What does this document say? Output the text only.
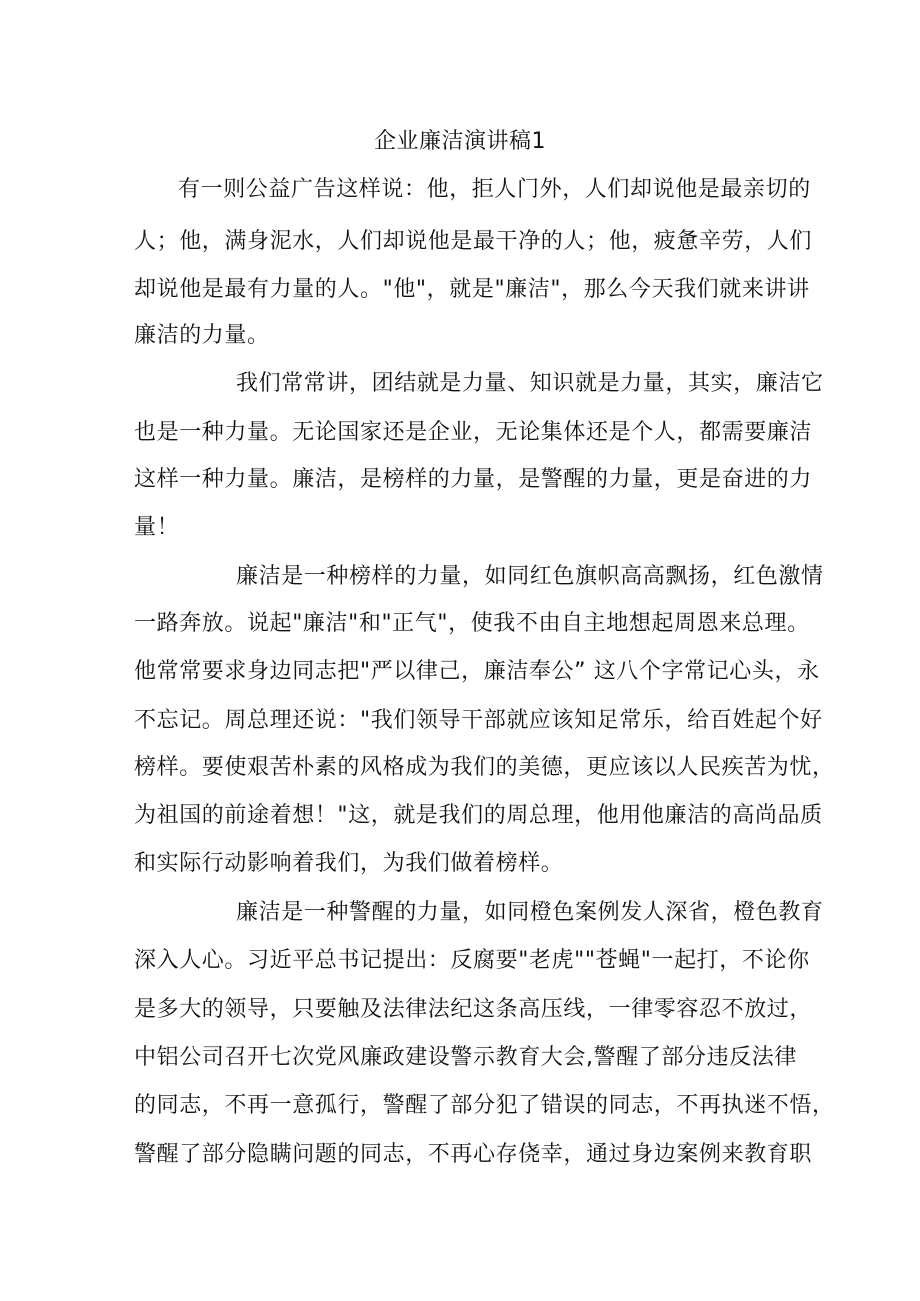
企业廉洁演讲稿1
有一则公益广告这样说：他，拒人门外，人们却说他是最亲切的
人；他，满身泥水，人们却说他是最干净的人；他，疲惫辛劳，人们
却说他是最有力量的人。"他"，就是"廉洁"，那么今天我们就来讲讲
廉洁的力量。
我们常常讲，团结就是力量、知识就是力量，其实，廉洁它
也是一种力量。无论国家还是企业，无论集体还是个人，都需要廉洁
这样一种力量。廉洁，是榜样的力量，是警醒的力量，更是奋进的力
量！
廉洁是一种榜样的力量，如同红色旗帜高高飘扬，红色激情
一路奔放。说起"廉洁"和"正气"，使我不由自主地想起周恩来总理。
他常常要求身边同志把"严以律己，廉洁奉公” 这八个字常记心头，永
不忘记。周总理还说："我们领导干部就应该知足常乐，给百姓起个好
榜样。要使艰苦朴素的风格成为我们的美德，更应该以人民疾苦为忧，
为祖国的前途着想！"这，就是我们的周总理，他用他廉洁的高尚品质
和实际行动影响着我们，为我们做着榜样。
廉洁是一种警醒的力量，如同橙色案例发人深省，橙色教育
深入人心。习近平总书记提出：反腐要"老虎""苍蝇"一起打，不论你
是多大的领导，只要触及法律法纪这条高压线，一律零容忍不放过，
中铝公司召开七次党风廉政建设警示教育大会,警醒了部分违反法律
的同志，不再一意孤行，警醒了部分犯了错误的同志，不再执迷不悟，
警醒了部分隐瞒问题的同志，不再心存侥幸，通过身边案例来教育职
